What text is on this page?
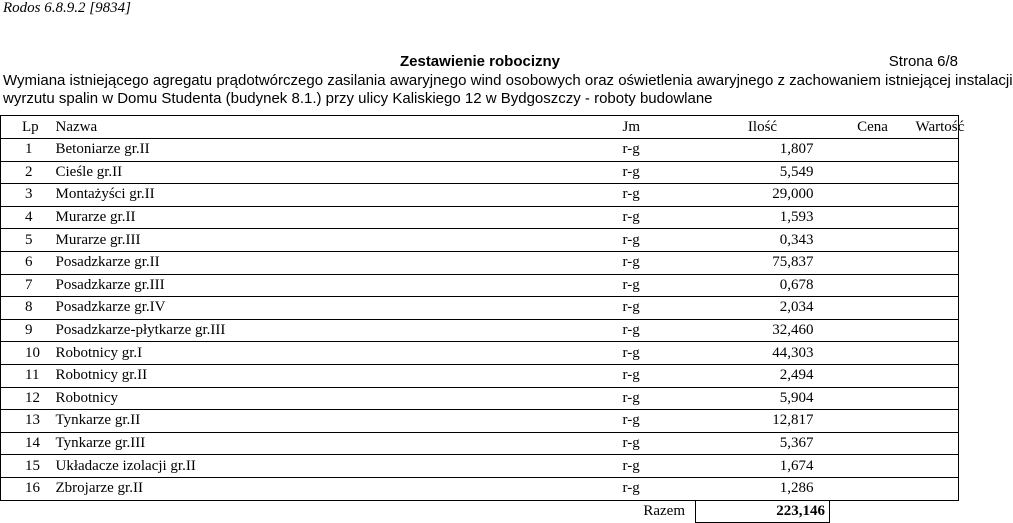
Rodos 6.8.9.2 [9834]
Zestawienie robocizny	Strona 6/8
Wymiana istniejącego agregatu prądotwórczego zasilania awaryjnego wind osobowych oraz oświetlenia awaryjnego z zachowaniem istniejącej instalacji
wyrzutu spalin w Domu Studenta (budynek 8.1.) przy ulicy Kaliskiego 12 w Bydgoszczy - roboty budowlane
Lp	Nazwa	Jm	Ilość	Cena	Wartość
1	Betoniarze gr.II	r-g	1,807		
2	Cieśle gr.II	r-g	5,549		
3	Montażyści gr.II	r-g	29,000		
4	Murarze gr.II	r-g	1,593		
5	Murarze gr.III	r-g	0,343		
6	Posadzkarze gr.II	r-g	75,837		
7	Posadzkarze gr.III	r-g	0,678		
8	Posadzkarze gr.IV	r-g	2,034		
9	Posadzkarze-płytkarze gr.III	r-g	32,460		
10	Robotnicy gr.I	r-g	44,303		
11	Robotnicy gr.II	r-g	2,494		
12	Robotnicy	r-g	5,904		
13	Tynkarze gr.II	r-g	12,817		
14	Tynkarze gr.III	r-g	5,367		
15	Układacze izolacji gr.II	r-g	1,674		
16	Zbrojarze gr.II	r-g	1,286		
	Razem		223,146		
